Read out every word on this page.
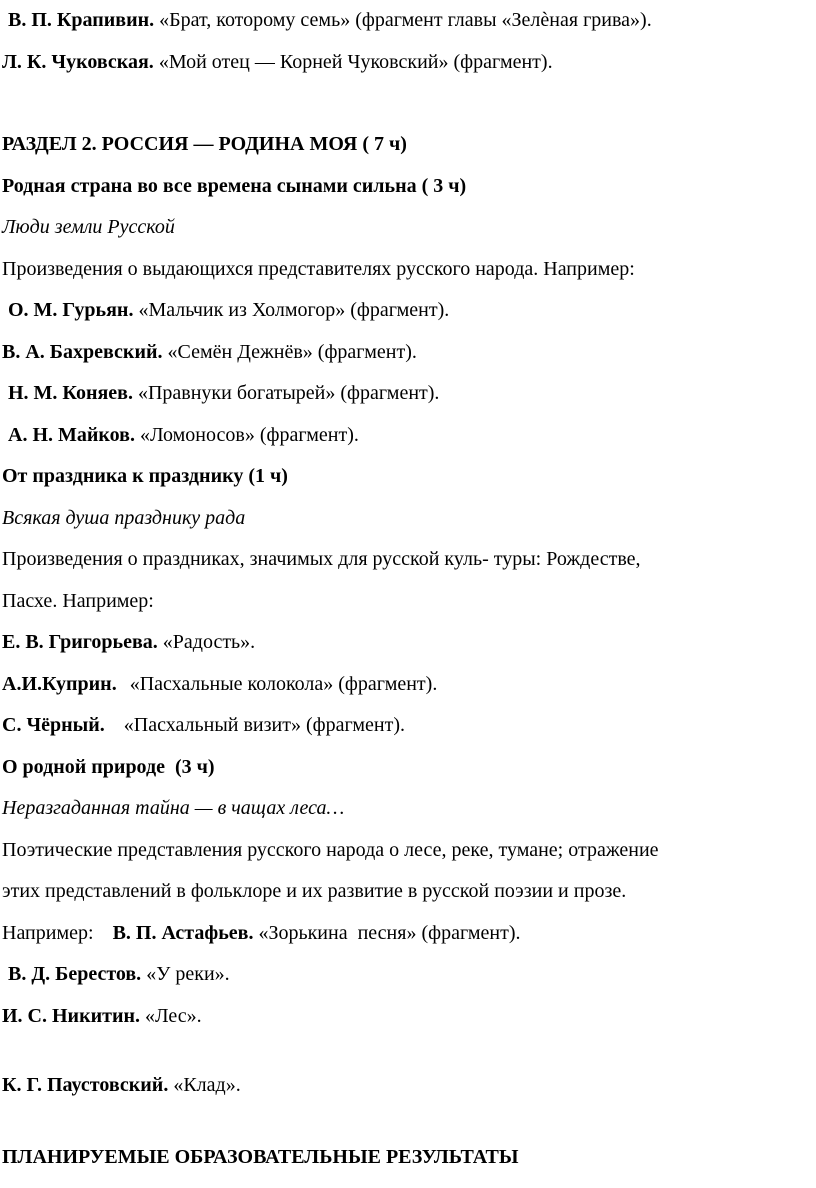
В. П. Крапивин. «Брат, которому семь» (фрагмент главы «Зелѐная грива»).
Л. К. Чуковская. «Мой отец — Корней Чуковский» (фрагмент).
РАЗДЕЛ 2. РОССИЯ — РОДИНА МОЯ ( 7 ч)
Родная страна во все времена сынами сильна ( 3 ч)
Люди земли Русской
Произведения о выдающихся представителях русского народа. Например:
О. М. Гурьян. «Мальчик из Холмогор» (фрагмент).
В. А. Бахревский. «Семён Дежнёв» (фрагмент).
Н. М. Коняев. «Правнуки богатырей» (фрагмент).
А. Н. Майков. «Ломоносов» (фрагмент).
От праздника к празднику (1 ч)
Всякая душа празднику рада
Произведения о праздниках, значимых для русской куль- туры: Рождестве,
Пасхе. Например:
Е. В. Григорьева. «Радость».
А.И.Куприн. «Пасхальные колокола» (фрагмент).
С. Чёрный. «Пасхальный визит» (фрагмент).
О родной природе  (3 ч)
Неразгаданная тайна — в чащах леса…
Поэтические представления русского народа о лесе, реке, тумане; отражение
этих представлений в фольклоре и их развитие в русской поэзии и прозе.
Например: В. П. Астафьев. «Зорькина  песня» (фрагмент).
В. Д. Берестов. «У реки».
И. С. Никитин. «Лес».
К. Г. Паустовский. «Клад».
ПЛАНИРУЕМЫЕ ОБРАЗОВАТЕЛЬНЫЕ РЕЗУЛЬТАТЫ
